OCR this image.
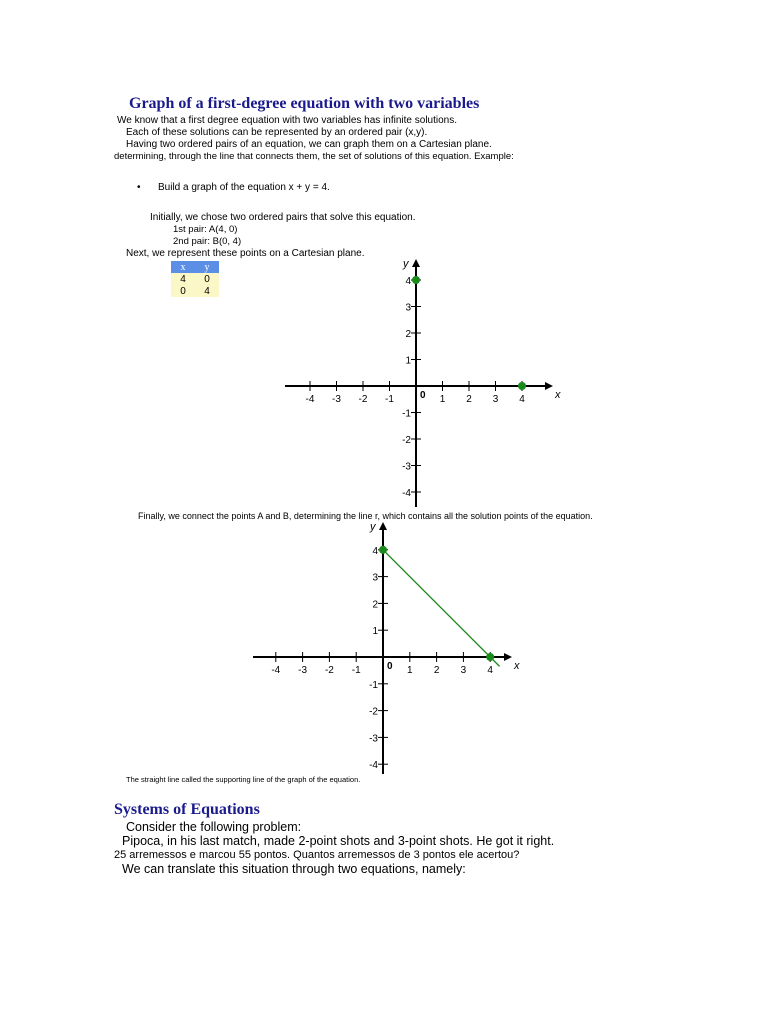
Graph of a first-degree equation with two variables
We know that a first degree equation with two variables has infinite solutions.
Each of these solutions can be represented by an ordered pair (x,y).
Having two ordered pairs of an equation, we can graph them on a Cartesian plane.
determining, through the line that connects them, the set of solutions of this equation. Example:
• Build a graph of the equation x + y = 4.
Initially, we chose two ordered pairs that solve this equation.
1st pair: A(4, 0)
2nd pair: B(0, 4)
Next, we represent these points on a Cartesian plane.
x	y
4	0
0	4
-4 -3 -2 -1	1 2 3 4
4
3
2
1
-1
-2
-3
-4
0	x
y
Finally, we connect the points A and B, determining the line r, which contains all the solution points of the equation.
-4 -3 -2 -1	1 2 3 4
4
3
2
1
-1
-2
-3
-4
0	x
y
The straight line called the supporting line of the graph of the equation.
Systems of Equations
Consider the following problem:
Pipoca, in his last match, made 2-point shots and 3-point shots. He got it right.
25 arremessos e marcou 55 pontos. Quantos arremessos de 3 pontos ele acertou?
We can translate this situation through two equations, namely:
